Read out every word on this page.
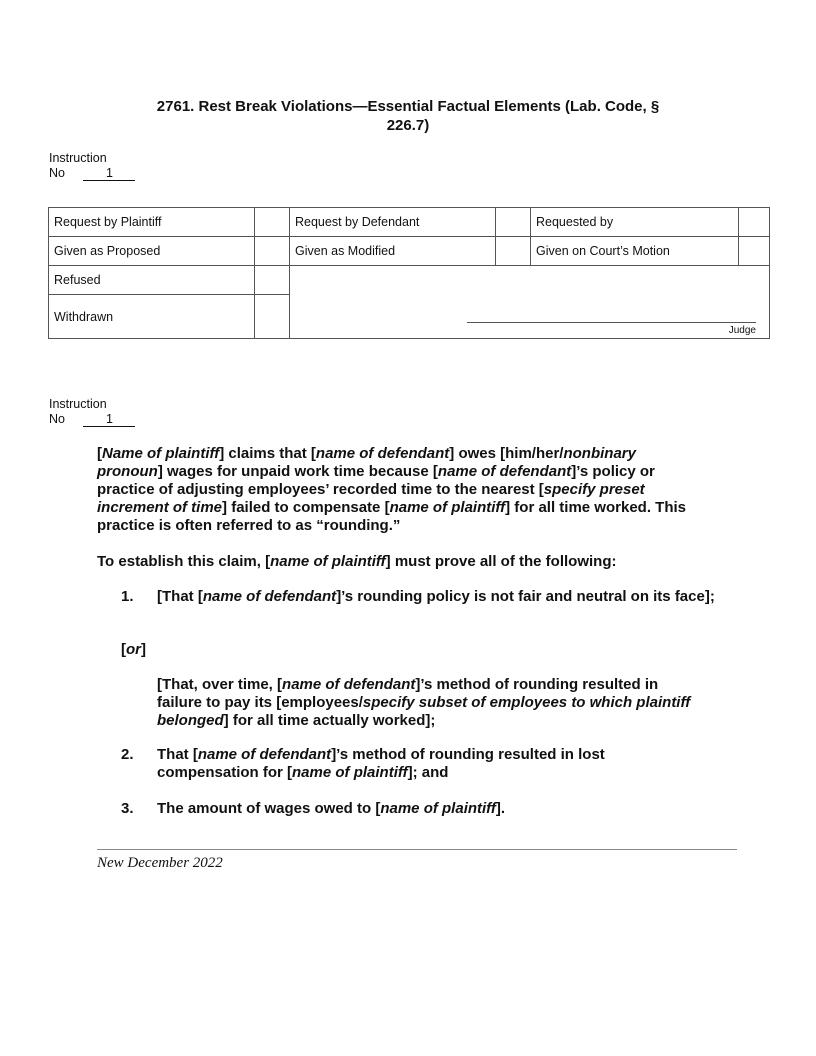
2761. Rest Break Violations—Essential Factual Elements (Lab. Code, §
226.7)
Instruction
No	1
Request by Plaintiff		Request by Defendant		Requested by	
Given as Proposed		Given as Modified		Given on Court’s Motion	
Refused		Judge			

Withdrawn					
Instruction
No	1
[Name of plaintiff] claims that [name of defendant] owes [him/her/nonbinary pronoun] wages for unpaid work time because [name of defendant]’s policy or practice of adjusting employees’ recorded time to the nearest [specify preset increment of time] failed to compensate [name of plaintiff] for all time worked. This practice is often referred to as “rounding.”
To establish this claim, [name of plaintiff] must prove all of the following:
1. [That [name of defendant]’s rounding policy is not fair and neutral on its face];
[or]
[That, over time, [name of defendant]’s method of rounding resulted in failure to pay its [employees/specify subset of employees to which plaintiff belonged] for all time actually worked];
2. That [name of defendant]’s method of rounding resulted in lost compensation for [name of plaintiff]; and
3. The amount of wages owed to [name of plaintiff].
New December 2022
